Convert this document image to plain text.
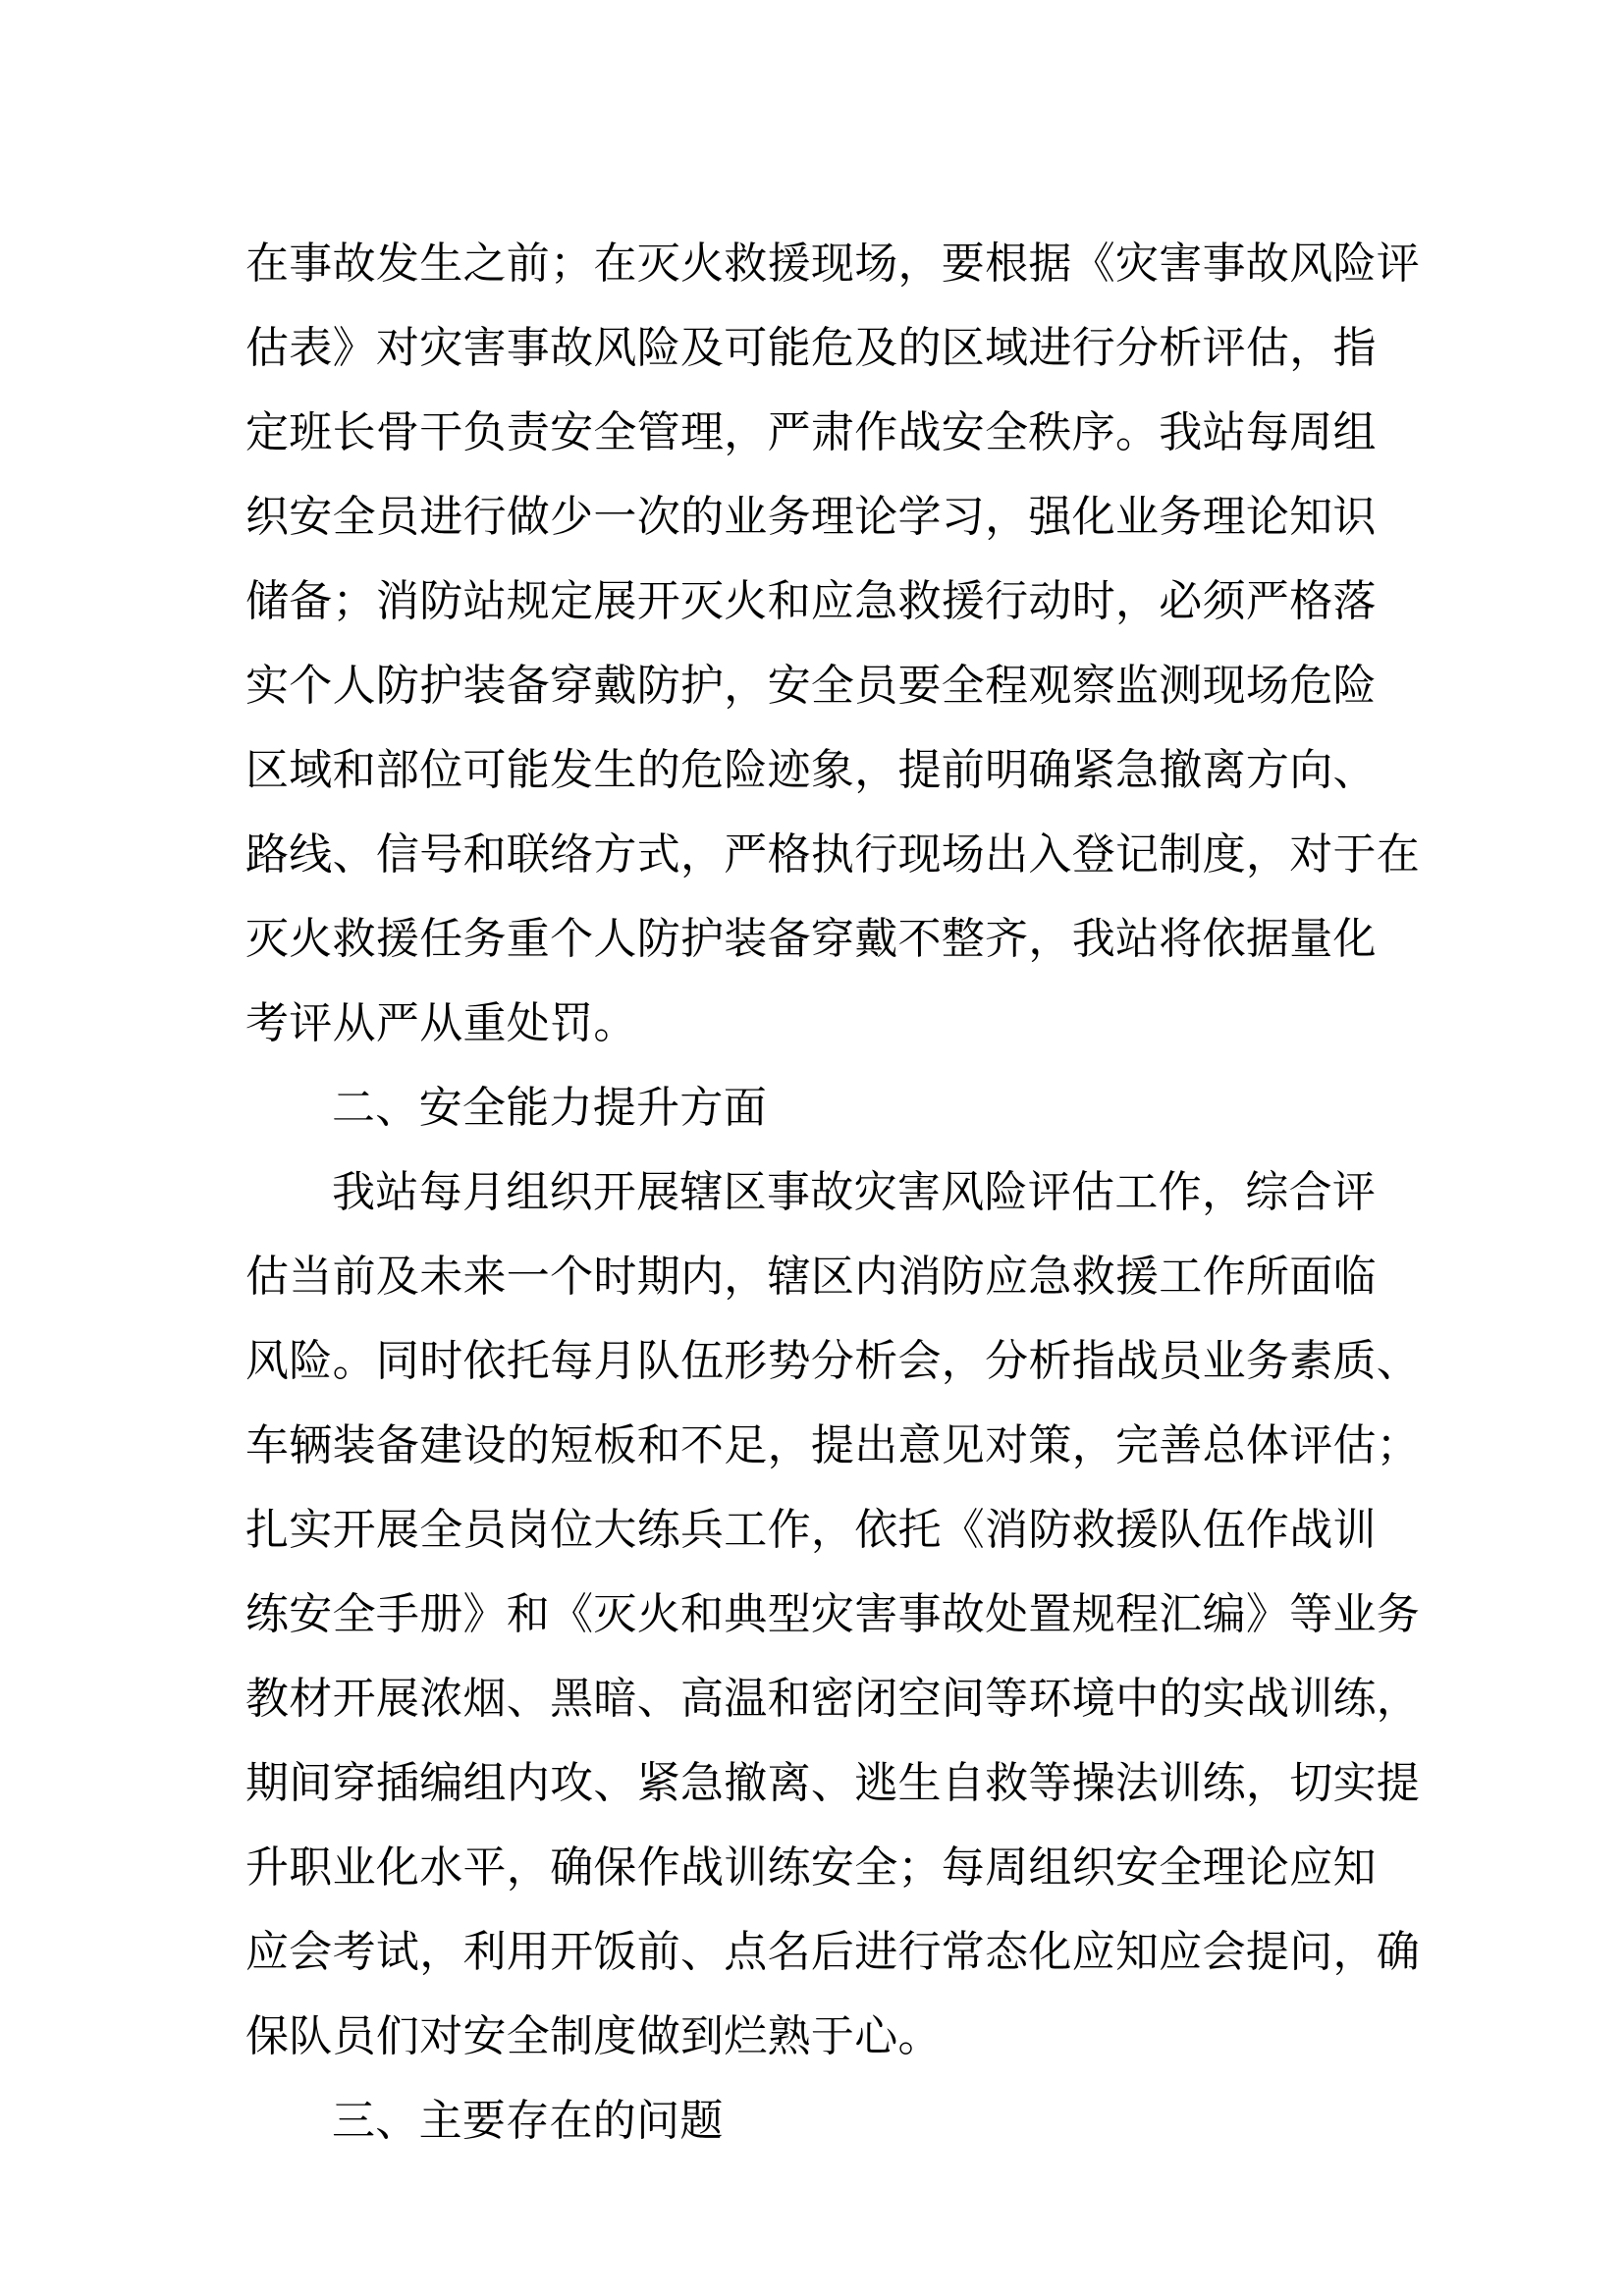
在事故发生之前；在灭火救援现场，要根据《灾害事故风险评
估表》对灾害事故风险及可能危及的区域进行分析评估，指
定班长骨干负责安全管理，严肃作战安全秩序。我站每周组
织安全员进行做少一次的业务理论学习，强化业务理论知识
储备；消防站规定展开灭火和应急救援行动时，必须严格落
实个人防护装备穿戴防护，安全员要全程观察监测现场危险
区域和部位可能发生的危险迹象，提前明确紧急撤离方向、
路线、信号和联络方式，严格执行现场出入登记制度，对于在
灭火救援任务重个人防护装备穿戴不整齐，我站将依据量化
考评从严从重处罚。
二、安全能力提升方面
我站每月组织开展辖区事故灾害风险评估工作，综合评
估当前及未来一个时期内，辖区内消防应急救援工作所面临
风险。同时依托每月队伍形势分析会，分析指战员业务素质、
车辆装备建设的短板和不足，提出意见对策，完善总体评估；
扎实开展全员岗位大练兵工作，依托《消防救援队伍作战训
练安全手册》和《灭火和典型灾害事故处置规程汇编》等业务
教材开展浓烟、黑暗、高温和密闭空间等环境中的实战训练，
期间穿插编组内攻、紧急撤离、逃生自救等操法训练，切实提
升职业化水平，确保作战训练安全；每周组织安全理论应知
应会考试，利用开饭前、点名后进行常态化应知应会提问，确
保队员们对安全制度做到烂熟于心。
三、主要存在的问题
